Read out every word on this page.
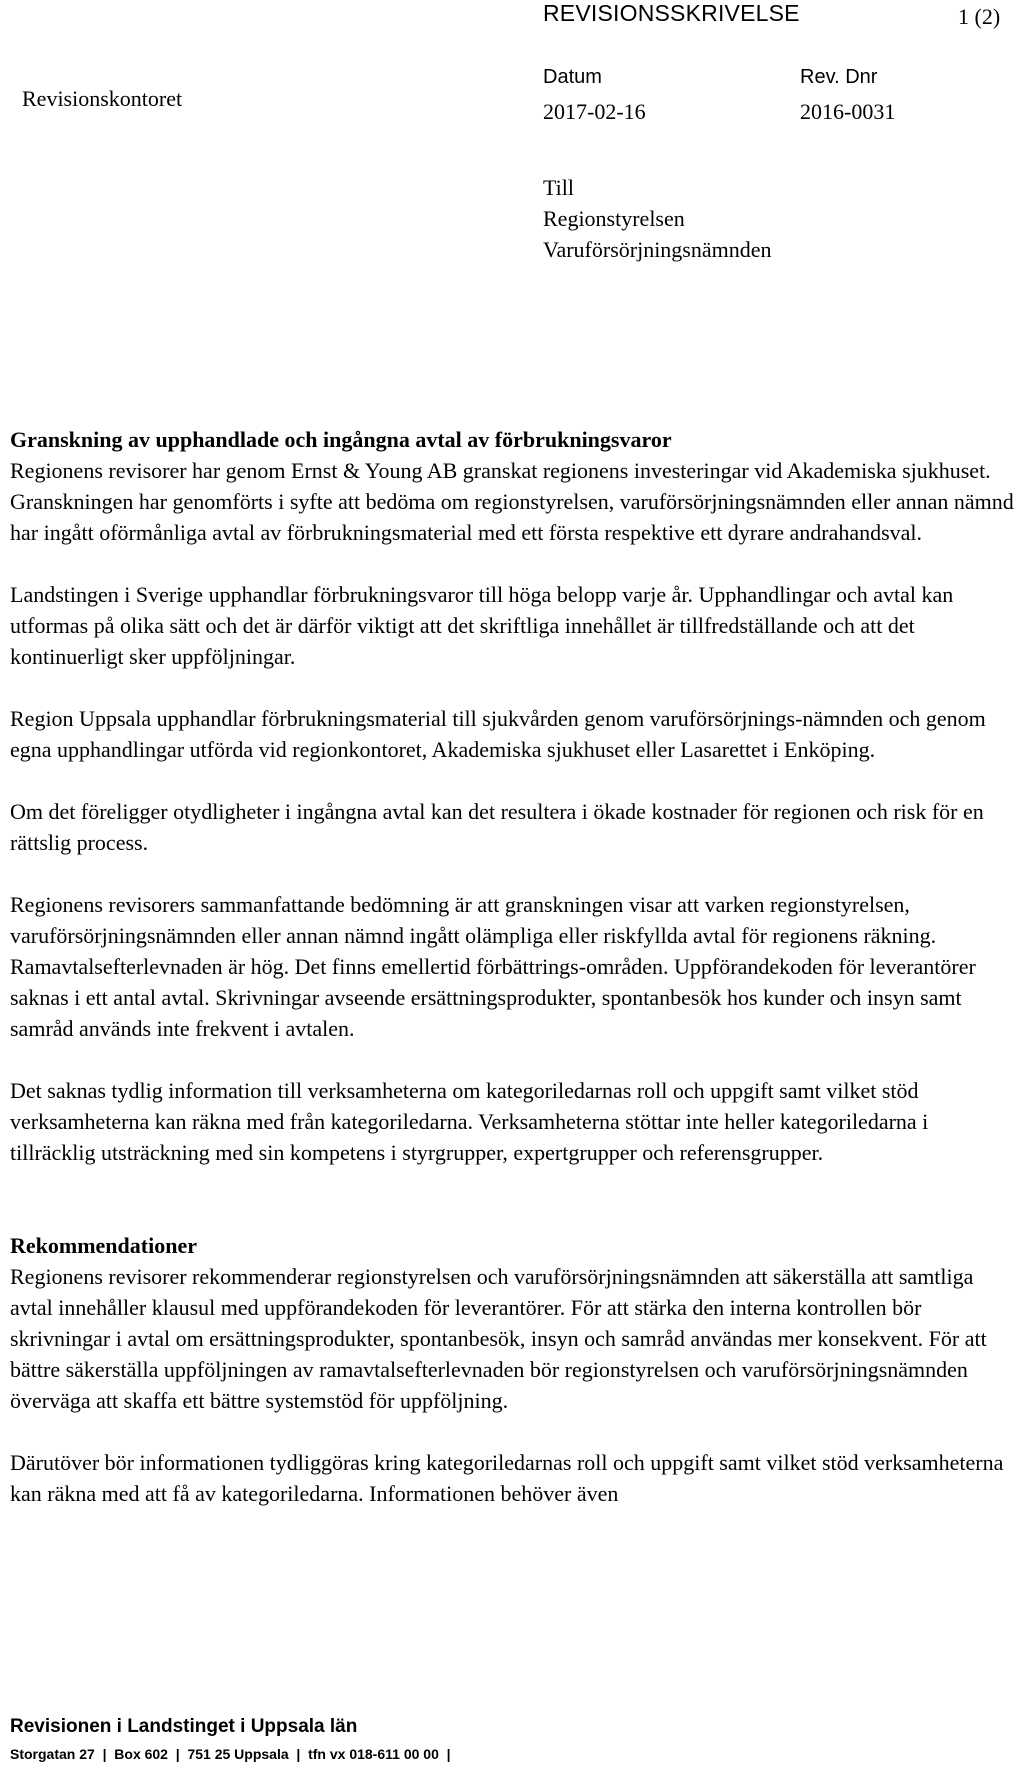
REVISIONSSKRIVELSE	1 (2)
Revisionskontoret
Datum
2017-02-16
Rev. Dnr
2016-0031
Till
Regionstyrelsen
Varuförsörjningsnämnden

Granskning av upphandlade och ingångna avtal av förbrukningsvaror

Regionens revisorer har genom Ernst & Young AB granskat regionens investeringar vid Akademiska sjukhuset. Granskningen har genomförts i syfte att bedöma om regionstyrelsen, varuförsörjningsnämnden eller annan nämnd har ingått oförmånliga avtal av förbrukningsmaterial med ett första respektive ett dyrare andrahandsval.

Landstingen i Sverige upphandlar förbrukningsvaror till höga belopp varje år. Upphandlingar och avtal kan utformas på olika sätt och det är därför viktigt att det skriftliga innehållet är tillfredställande och att det kontinuerligt sker uppföljningar.

Region Uppsala upphandlar förbrukningsmaterial till sjukvården genom varuförsörjnings-nämnden och genom egna upphandlingar utförda vid regionkontoret, Akademiska sjukhuset eller Lasarettet i Enköping.

Om det föreligger otydligheter i ingångna avtal kan det resultera i ökade kostnader för regionen och risk för en rättslig process.

Regionens revisorers sammanfattande bedömning är att granskningen visar att varken regionstyrelsen, varuförsörjningsnämnden eller annan nämnd ingått olämpliga eller riskfyllda avtal för regionens räkning. Ramavtalsefterlevnaden är hög. Det finns emellertid förbättrings-områden. Uppförandekoden för leverantörer saknas i ett antal avtal. Skrivningar avseende ersättningsprodukter, spontanbesök hos kunder och insyn samt samråd används inte frekvent i avtalen.

Det saknas tydlig information till verksamheterna om kategoriledarnas roll och uppgift samt vilket stöd verksamheterna kan räkna med från kategoriledarna. Verksamheterna stöttar inte heller kategoriledarna i tillräcklig utsträckning med sin kompetens i styrgrupper, expertgrupper och referensgrupper.

Rekommendationer

Regionens revisorer rekommenderar regionstyrelsen och varuförsörjningsnämnden att säkerställa att samtliga avtal innehåller klausul med uppförandekoden för leverantörer. För att stärka den interna kontrollen bör skrivningar i avtal om ersättningsprodukter, spontanbesök, insyn och samråd användas mer konsekvent. För att bättre säkerställa uppföljningen av ramavtalsefterlevnaden bör regionstyrelsen och varuförsörjningsnämnden överväga att skaffa ett bättre systemstöd för uppföljning.

Därutöver bör informationen tydliggöras kring kategoriledarnas roll och uppgift samt vilket stöd verksamheterna kan räkna med att få av kategoriledarna. Informationen behöver även

Revisionen i Landstinget i Uppsala län
Storgatan 27  |  Box 602  |  751 25 Uppsala  |  tfn vx 018-611 00 00  |
